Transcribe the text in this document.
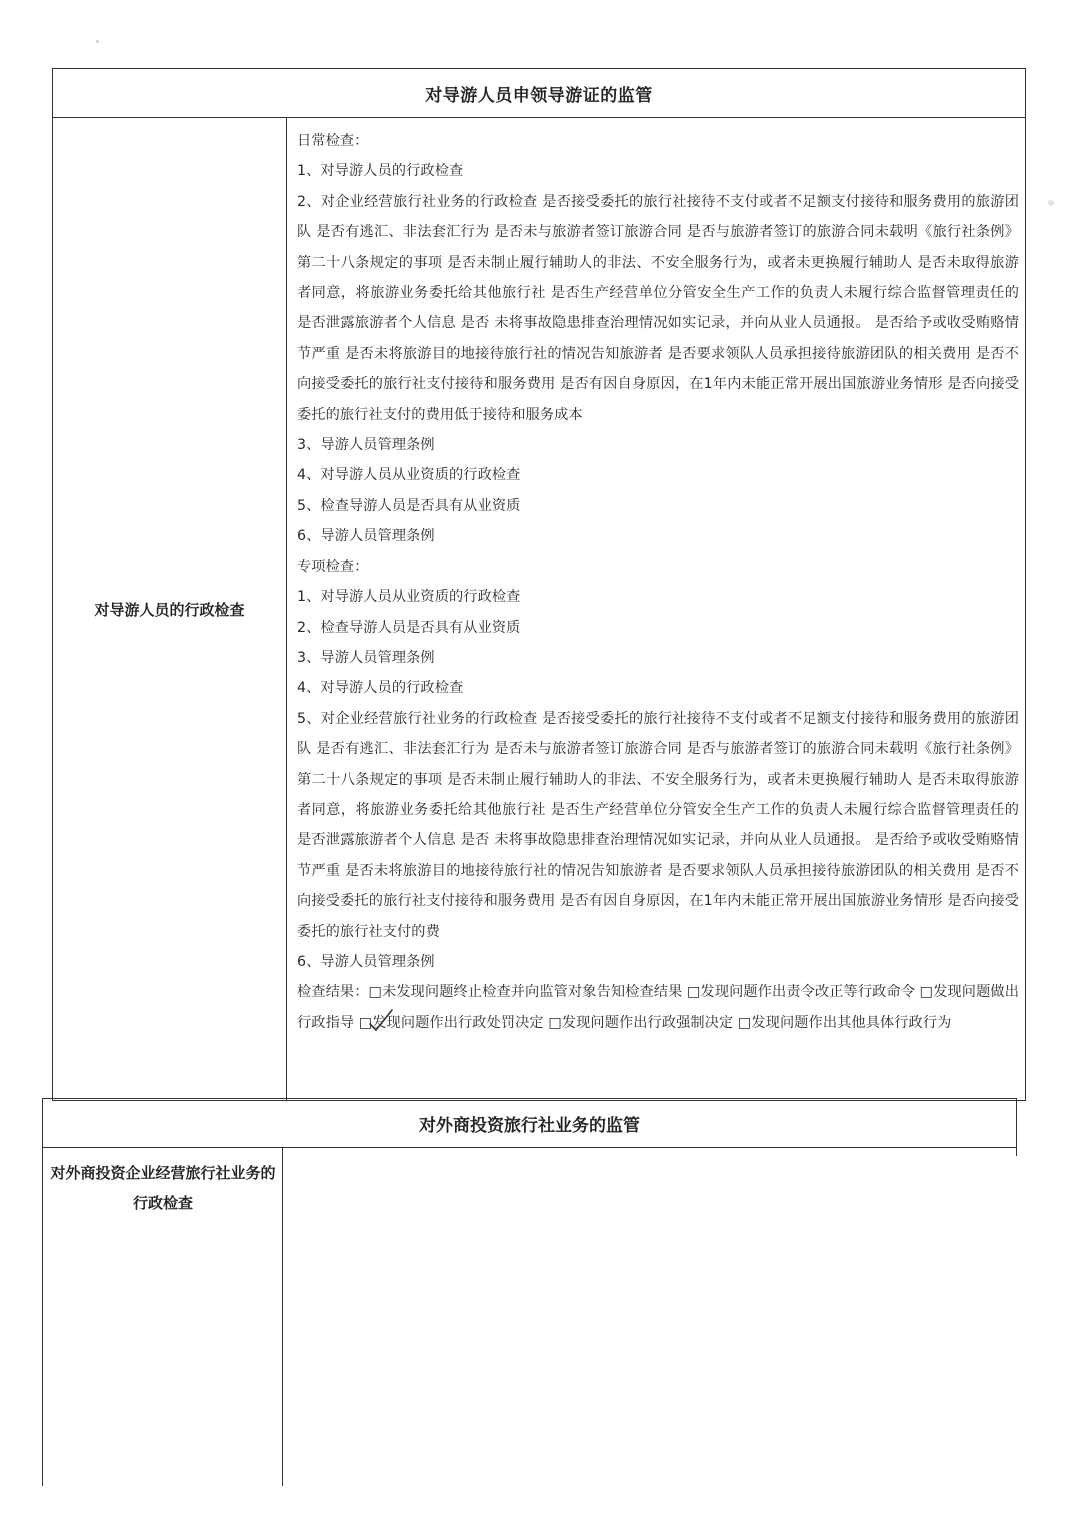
对导游人员申领导游证的监管
对导游人员的行政检查

日常检查：

1、对导游人员的行政检查

2、对企业经营旅行社业务的行政检查 是否接受委托的旅行社接待不支付或者不足额支付接待和服务费用的旅游团队 是否有逃汇、非法套汇行为 是否未与旅游者签订旅游合同 是否与旅游者签订的旅游合同未载明《旅行社条例》第二十八条规定的事项 是否未制止履行辅助人的非法、不安全服务行为，或者未更换履行辅助人 是否未取得旅游者同意，将旅游业务委托给其他旅行社 是否生产经营单位分管安全生产工作的负责人未履行综合监督管理责任的 是否泄露旅游者个人信息 是否 未将事故隐患排查治理情况如实记录，并向从业人员通报。 是否给予或收受贿赂情节严重 是否未将旅游目的地接待旅行社的情况告知旅游者 是否要求领队人员承担接待旅游团队的相关费用 是否不向接受委托的旅行社支付接待和服务费用 是否有因自身原因，在1年内未能正常开展出国旅游业务情形 是否向接受委托的旅行社支付的费用低于接待和服务成本

3、导游人员管理条例

4、对导游人员从业资质的行政检查

5、检查导游人员是否具有从业资质

6、导游人员管理条例

专项检查：

1、对导游人员从业资质的行政检查

2、检查导游人员是否具有从业资质

3、导游人员管理条例

4、对导游人员的行政检查

5、对企业经营旅行社业务的行政检查 是否接受委托的旅行社接待不支付或者不足额支付接待和服务费用的旅游团队 是否有逃汇、非法套汇行为 是否未与旅游者签订旅游合同 是否与旅游者签订的旅游合同未载明《旅行社条例》第二十八条规定的事项 是否未制止履行辅助人的非法、不安全服务行为，或者未更换履行辅助人 是否未取得旅游者同意，将旅游业务委托给其他旅行社 是否生产经营单位分管安全生产工作的负责人未履行综合监督管理责任的 是否泄露旅游者个人信息 是否 未将事故隐患排查治理情况如实记录，并向从业人员通报。 是否给予或收受贿赂情节严重 是否未将旅游目的地接待旅行社的情况告知旅游者 是否要求领队人员承担接待旅游团队的相关费用 是否不向接受委托的旅行社支付接待和服务费用 是否有因自身原因，在1年内未能正常开展出国旅游业务情形 是否向接受委托的旅行社支付的费

6、导游人员管理条例

检查结果：□未发现问题终止检查并向监管对象告知检查结果 □发现问题作出责令改正等行政命令 □发现问题做出行政指导 □发现问题作出行政处罚决定 □发现问题作出行政强制决定 □发现问题作出其他具体行政行为

对外商投资旅行社业务的监管
对外商投资企业经营旅行社业务的行政检查
